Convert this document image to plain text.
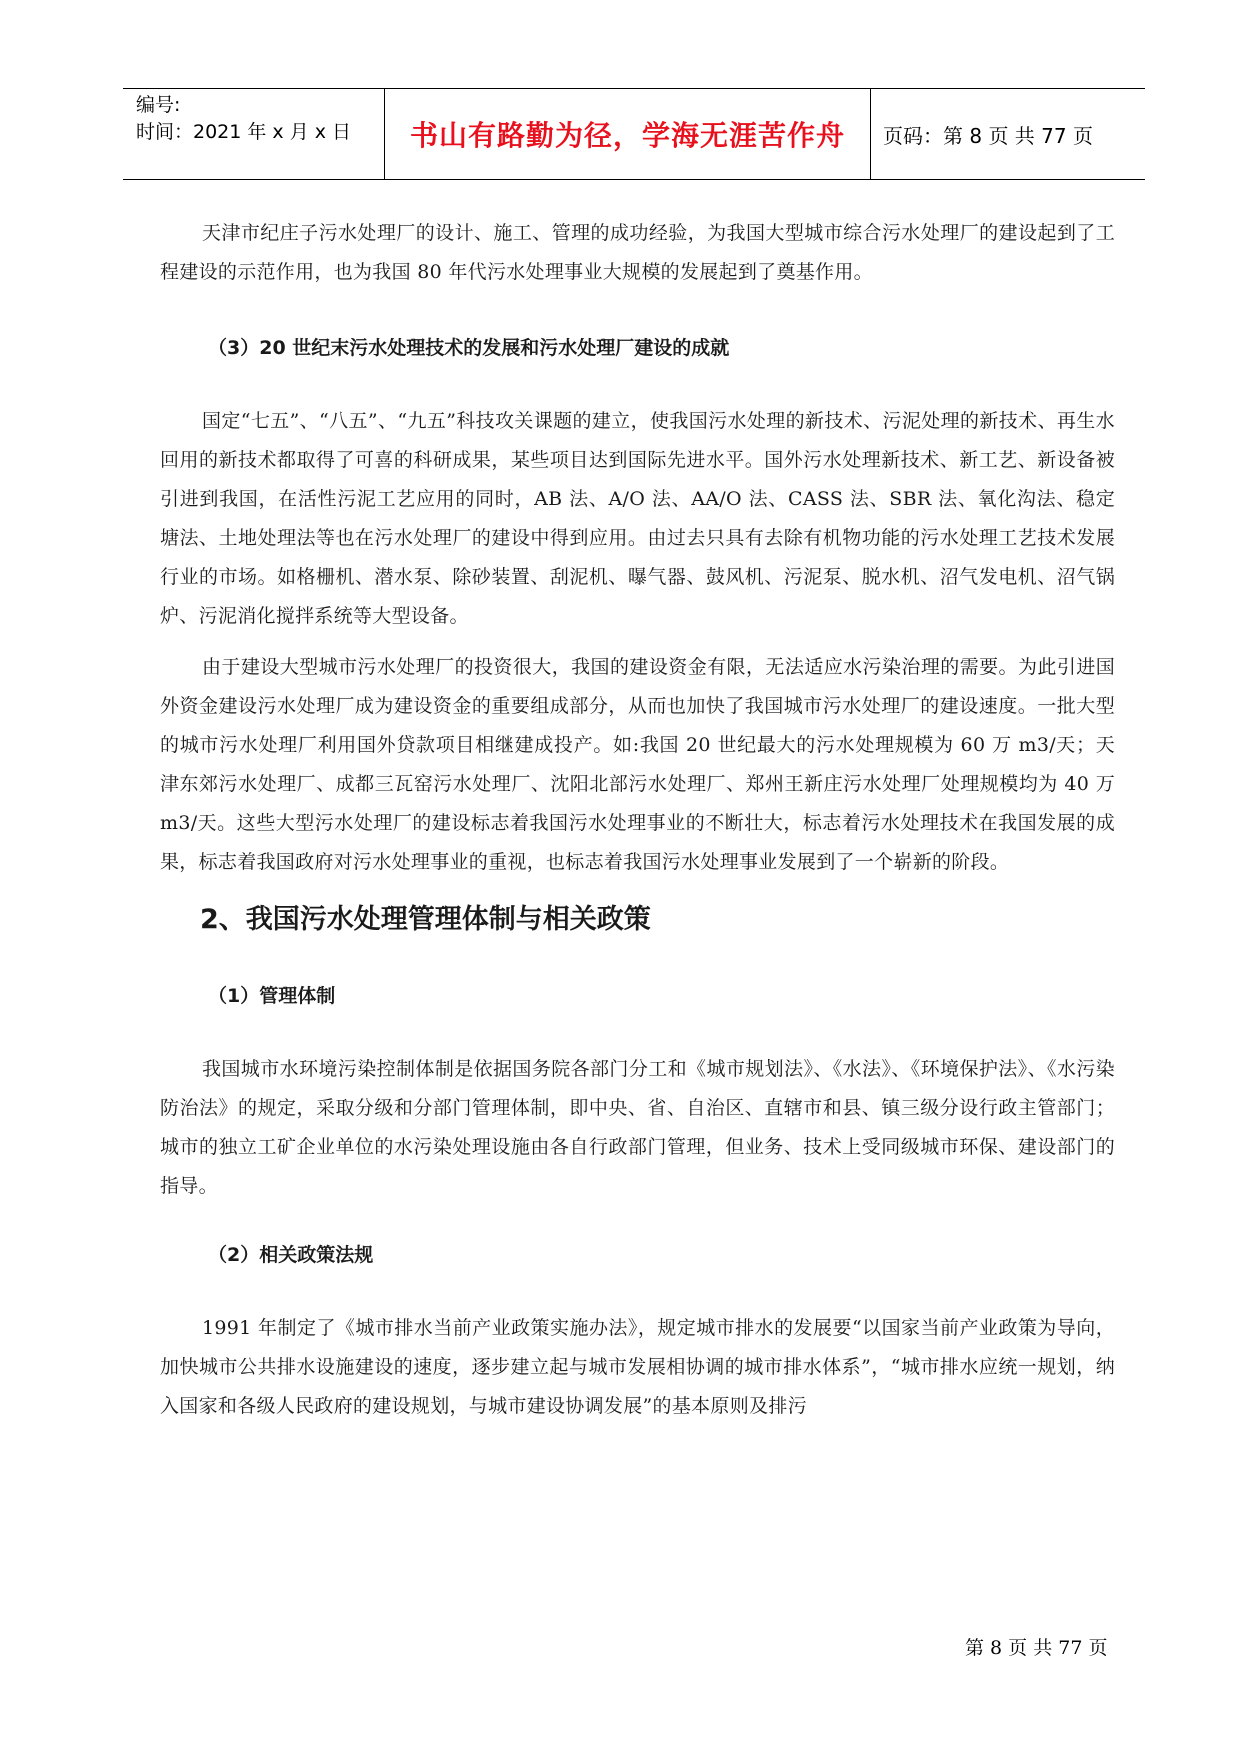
编号:
时间：2021 年 x 月 x 日	书山有路勤为径，学海无涯苦作舟	页码：第 8 页 共 77 页

天津市纪庄子污水处理厂的设计、施工、管理的成功经验，为我国大型城市综合污水处理厂的建设起到了工程建设的示范作用，也为我国 80 年代污水处理事业大规模的发展起到了奠基作用。

（3）20 世纪末污水处理技术的发展和污水处理厂建设的成就

国定“七五”、“八五”、“九五”科技攻关课题的建立，使我国污水处理的新技术、污泥处理的新技术、再生水回用的新技术都取得了可喜的科研成果，某些项目达到国际先进水平。国外污水处理新技术、新工艺、新设备被引进到我国，在活性污泥工艺应用的同时，AB 法、A/O 法、AA/O 法、CASS 法、SBR 法、氧化沟法、稳定塘法、土地处理法等也在污水处理厂的建设中得到应用。由过去只具有去除有机物功能的污水处理工艺技术发展行业的市场。如格栅机、潜水泵、除砂装置、刮泥机、曝气器、鼓风机、污泥泵、脱水机、沼气发电机、沼气锅炉、污泥消化搅拌系统等大型设备。

由于建设大型城市污水处理厂的投资很大，我国的建设资金有限，无法适应水污染治理的需要。为此引进国外资金建设污水处理厂成为建设资金的重要组成部分，从而也加快了我国城市污水处理厂的建设速度。一批大型的城市污水处理厂利用国外贷款项目相继建成投产。如:我国 20 世纪最大的污水处理规模为 60 万 m3/天；天津东郊污水处理厂、成都三瓦窑污水处理厂、沈阳北部污水处理厂、郑州王新庄污水处理厂处理规模均为 40 万 m3/天。这些大型污水处理厂的建设标志着我国污水处理事业的不断壮大，标志着污水处理技术在我国发展的成果，标志着我国政府对污水处理事业的重视，也标志着我国污水处理事业发展到了一个崭新的阶段。

2、我国污水处理管理体制与相关政策

（1）管理体制

我国城市水环境污染控制体制是依据国务院各部门分工和《城市规划法》、《水法》、《环境保护法》、《水污染防治法》的规定，采取分级和分部门管理体制，即中央、省、自治区、直辖市和县、镇三级分设行政主管部门；城市的独立工矿企业单位的水污染处理设施由各自行政部门管理，但业务、技术上受同级城市环保、建设部门的指导。

（2）相关政策法规

1991 年制定了《城市排水当前产业政策实施办法》，规定城市排水的发展要“以国家当前产业政策为导向，加快城市公共排水设施建设的速度，逐步建立起与城市发展相协调的城市排水体系”，“城市排水应统一规划，纳入国家和各级人民政府的建设规划，与城市建设协调发展”的基本原则及排污

第 8 页 共 77 页
